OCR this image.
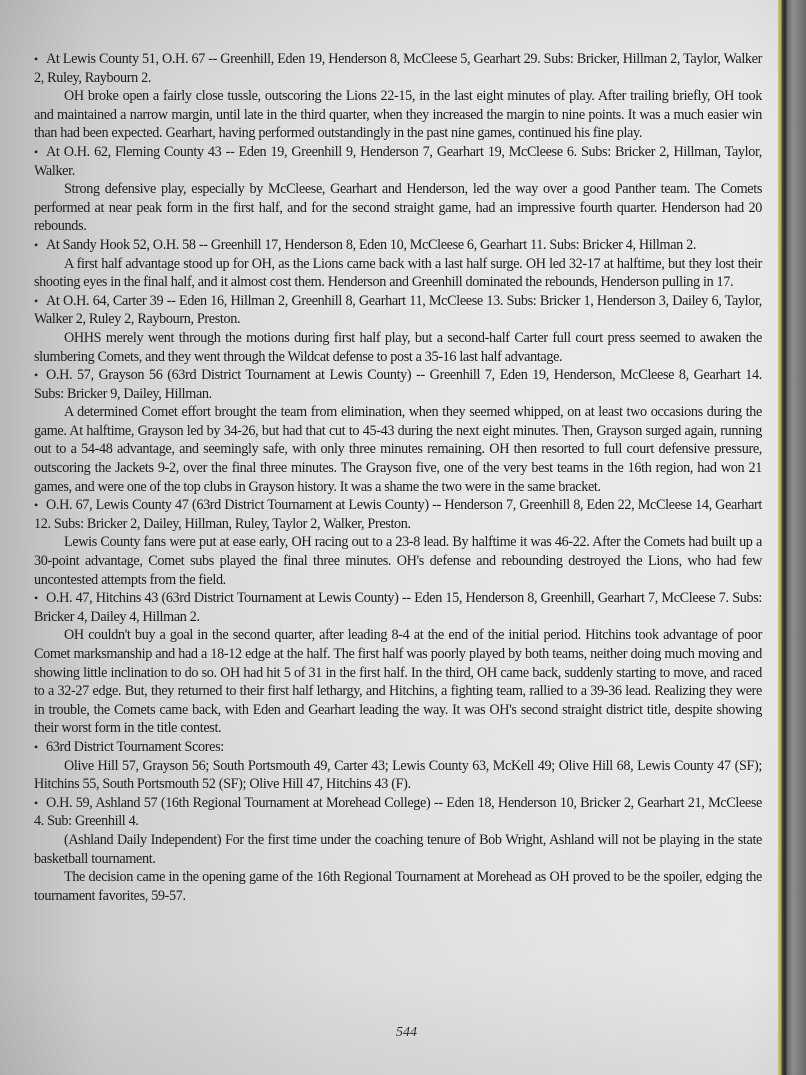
• At Lewis County 51, O.H. 67 -- Greenhill, Eden 19, Henderson 8, McCleese 5, Gearhart 29. Subs: Bricker, Hillman 2, Taylor, Walker 2, Ruley, Raybourn 2.

OH broke open a fairly close tussle, outscoring the Lions 22-15, in the last eight minutes of play. After trailing briefly, OH took and maintained a narrow margin, until late in the third quarter, when they increased the margin to nine points. It was a much easier win than had been expected. Gearhart, having performed outstandingly in the past nine games, continued his fine play.

• At O.H. 62, Fleming County 43 -- Eden 19, Greenhill 9, Henderson 7, Gearhart 19, McCleese 6. Subs: Bricker 2, Hillman, Taylor, Walker.

Strong defensive play, especially by McCleese, Gearhart and Henderson, led the way over a good Panther team. The Comets performed at near peak form in the first half, and for the second straight game, had an impressive fourth quarter. Henderson had 20 rebounds.

• At Sandy Hook 52, O.H. 58 -- Greenhill 17, Henderson 8, Eden 10, McCleese 6, Gearhart 11. Subs: Bricker 4, Hillman 2.

A first half advantage stood up for OH, as the Lions came back with a last half surge. OH led 32-17 at halftime, but they lost their shooting eyes in the final half, and it almost cost them. Henderson and Greenhill dominated the rebounds, Henderson pulling in 17.

• At O.H. 64, Carter 39 -- Eden 16, Hillman 2, Greenhill 8, Gearhart 11, McCleese 13. Subs: Bricker 1, Henderson 3, Dailey 6, Taylor, Walker 2, Ruley 2, Raybourn, Preston.

OHHS merely went through the motions during first half play, but a second-half Carter full court press seemed to awaken the slumbering Comets, and they went through the Wildcat defense to post a 35-16 last half advantage.

• O.H. 57, Grayson 56 (63rd District Tournament at Lewis County) -- Greenhill 7, Eden 19, Henderson, McCleese 8, Gearhart 14. Subs: Bricker 9, Dailey, Hillman.

A determined Comet effort brought the team from elimination, when they seemed whipped, on at least two occasions during the game. At halftime, Grayson led by 34-26, but had that cut to 45-43 during the next eight minutes. Then, Grayson surged again, running out to a 54-48 advantage, and seemingly safe, with only three minutes remaining. OH then resorted to full court defensive pressure, outscoring the Jackets 9-2, over the final three minutes. The Grayson five, one of the very best teams in the 16th region, had won 21 games, and were one of the top clubs in Grayson history. It was a shame the two were in the same bracket.

• O.H. 67, Lewis County 47 (63rd District Tournament at Lewis County) -- Henderson 7, Greenhill 8, Eden 22, McCleese 14, Gearhart 12. Subs: Bricker 2, Dailey, Hillman, Ruley, Taylor 2, Walker, Preston.

Lewis County fans were put at ease early, OH racing out to a 23-8 lead. By halftime it was 46-22. After the Comets had built up a 30-point advantage, Comet subs played the final three minutes. OH's defense and rebounding destroyed the Lions, who had few uncontested attempts from the field.

• O.H. 47, Hitchins 43 (63rd District Tournament at Lewis County) -- Eden 15, Henderson 8, Greenhill, Gearhart 7, McCleese 7. Subs: Bricker 4, Dailey 4, Hillman 2.

OH couldn't buy a goal in the second quarter, after leading 8-4 at the end of the initial period. Hitchins took advantage of poor Comet marksmanship and had a 18-12 edge at the half. The first half was poorly played by both teams, neither doing much moving and showing little inclination to do so. OH had hit 5 of 31 in the first half. In the third, OH came back, suddenly starting to move, and raced to a 32-27 edge. But, they returned to their first half lethargy, and Hitchins, a fighting team, rallied to a 39-36 lead. Realizing they were in trouble, the Comets came back, with Eden and Gearhart leading the way. It was OH's second straight district title, despite showing their worst form in the title contest.

• 63rd District Tournament Scores:

Olive Hill 57, Grayson 56; South Portsmouth 49, Carter 43; Lewis County 63, McKell 49; Olive Hill 68, Lewis County 47 (SF); Hitchins 55, South Portsmouth 52 (SF); Olive Hill 47, Hitchins 43 (F).

• O.H. 59, Ashland 57 (16th Regional Tournament at Morehead College) -- Eden 18, Henderson 10, Bricker 2, Gearhart 21, McCleese 4. Sub: Greenhill 4.

(Ashland Daily Independent) For the first time under the coaching tenure of Bob Wright, Ashland will not be playing in the state basketball tournament.

The decision came in the opening game of the 16th Regional Tournament at Morehead as OH proved to be the spoiler, edging the tournament favorites, 59-57.

544
